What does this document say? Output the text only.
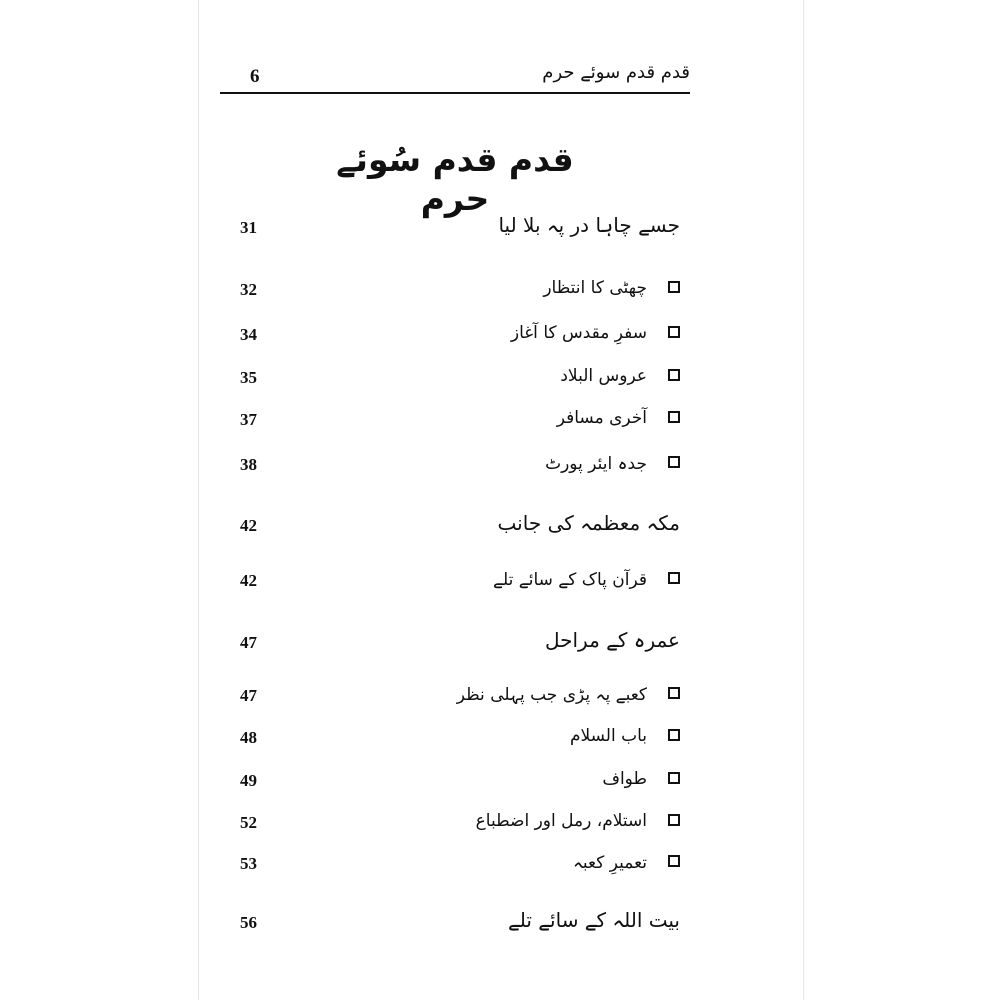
6	قدم قدم سوئے حرم
قدم قدم سُوئے حرم
31	جسے چاہا در پہ بلا لیا
32	چھٹی کا انتظار
34	سفرِ مقدس کا آغاز
35	عروس البلاد
37	آخری مسافر
38	جدہ ایئر پورٹ
42	مکہ معظمہ کی جانب
42	قرآن پاک کے سائے تلے
47	عمرہ کے مراحل
47	کعبے پہ پڑی جب پہلی نظر
48	باب السلام
49	طواف
52	استلام، رمل اور اضطباع
53	تعمیرِ کعبہ
56	بیت اللہ کے سائے تلے
